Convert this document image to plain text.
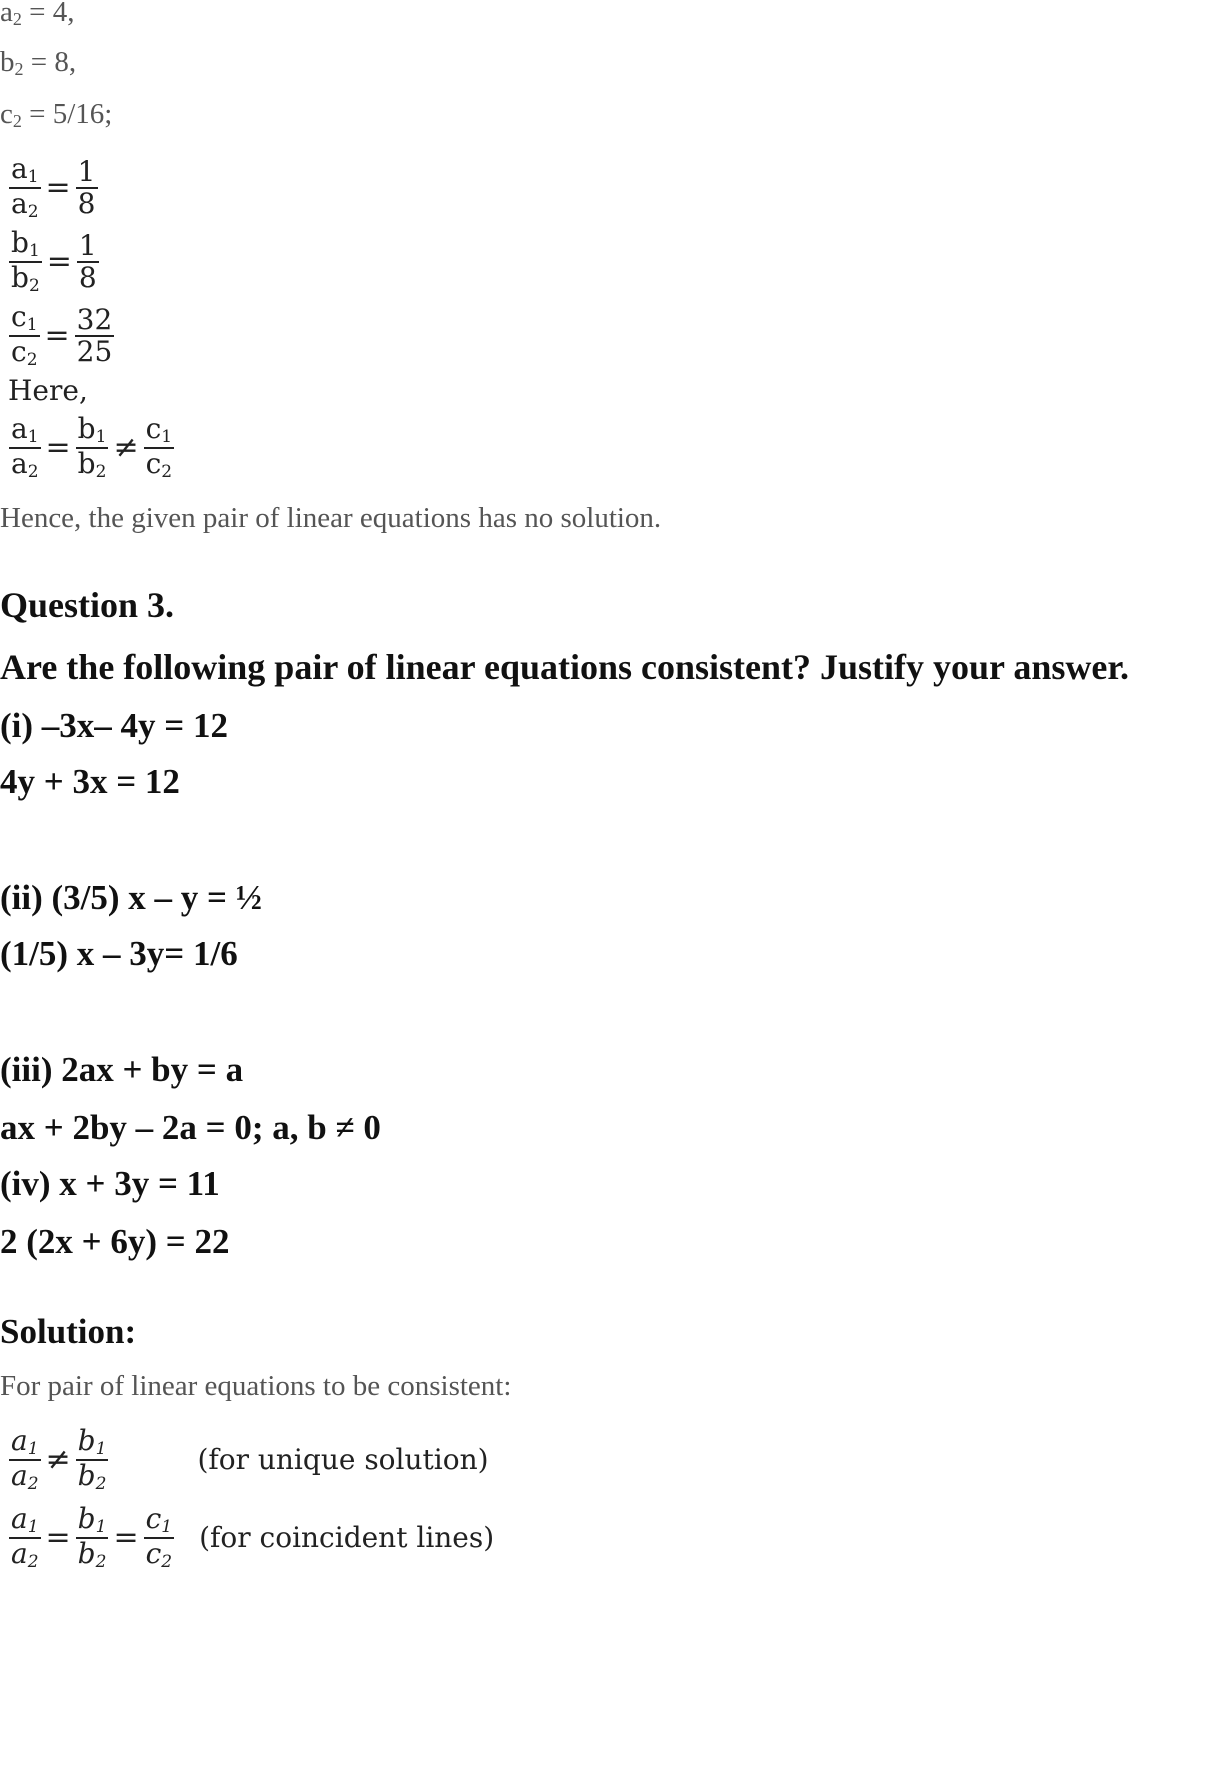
$a_2 = 4$,
$b_2 = 8$,
$c_2 = 5/16$;
$\frac{a_1}{a_2} = \frac{1}{8}$
$\frac{b_1}{b_2} = \frac{1}{8}$
$\frac{c_1}{c_2} = \frac{32}{25}$
Here,
$\frac{a_1}{a_2} = \frac{b_1}{b_2} \ne \frac{c_1}{c_2}$
Hence, the given pair of linear equations has no solution.
Question 3.
Are the following pair of linear equations consistent? Justify your answer.
(i) –3x– 4y = 12
4y + 3x = 12
(ii) (3/5) x – y = ½
(1/5) x – 3y= 1/6
(iii) 2ax + by = a
ax + 2by – 2a = 0; a, b ≠ 0
(iv) x + 3y = 11
2 (2x + 6y) = 22
Solution:
For pair of linear equations to be consistent:
$\frac{a_1}{a_2} \ne \frac{b_1}{b_2}$	(for unique solution)
$\frac{a_1}{a_2} = \frac{b_1}{b_2} = \frac{c_1}{c_2} (for$ coincident lines)
